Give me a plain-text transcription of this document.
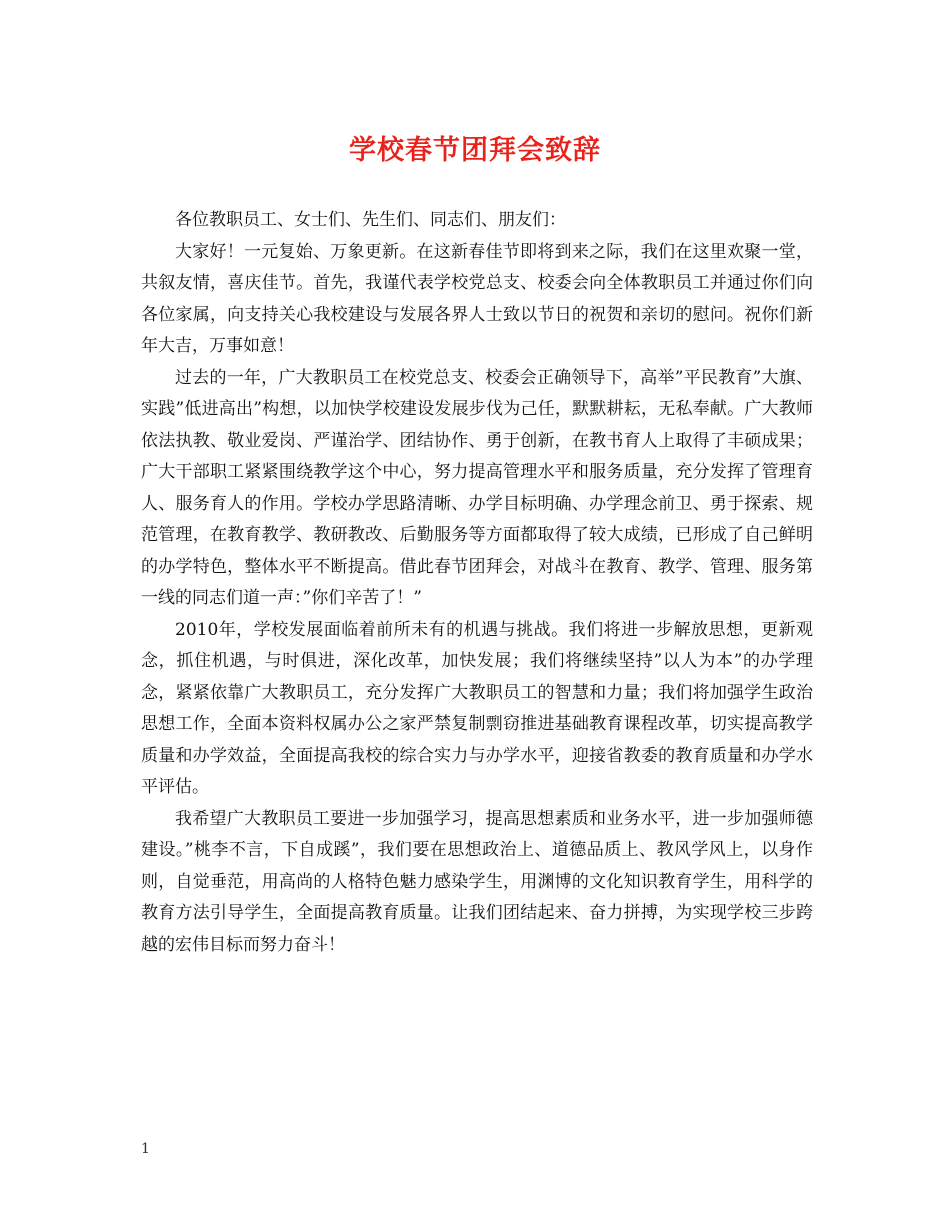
学校春节团拜会致辞

各位教职员工、女士们、先生们、同志们、朋友们：

大家好！一元复始、万象更新。在这新春佳节即将到来之际，我们在这里欢聚一堂，共叙友情，喜庆佳节。首先，我谨代表学校党总支、校委会向全体教职员工并通过你们向各位家属，向支持关心我校建设与发展各界人士致以节日的祝贺和亲切的慰问。祝你们新年大吉，万事如意！

过去的一年，广大教职员工在校党总支、校委会正确领导下，高举”平民教育”大旗、实践”低进高出”构想，以加快学校建设发展步伐为己任，默默耕耘，无私奉献。广大教师依法执教、敬业爱岗、严谨治学、团结协作、勇于创新，在教书育人上取得了丰硕成果；广大干部职工紧紧围绕教学这个中心，努力提高管理水平和服务质量，充分发挥了管理育人、服务育人的作用。学校办学思路清晰、办学目标明确、办学理念前卫、勇于探索、规范管理，在教育教学、教研教改、后勤服务等方面都取得了较大成绩，已形成了自己鲜明的办学特色，整体水平不断提高。借此春节团拜会，对战斗在教育、教学、管理、服务第一线的同志们道一声：”你们辛苦了！”

2010年，学校发展面临着前所未有的机遇与挑战。我们将进一步解放思想，更新观念，抓住机遇，与时俱进，深化改革，加快发展；我们将继续坚持”以人为本”的办学理念，紧紧依靠广大教职员工，充分发挥广大教职员工的智慧和力量；我们将加强学生政治思想工作，全面本资料权属办公之家严禁复制剽窃推进基础教育课程改革，切实提高教学质量和办学效益，全面提高我校的综合实力与办学水平，迎接省教委的教育质量和办学水平评估。

我希望广大教职员工要进一步加强学习，提高思想素质和业务水平，进一步加强师德建设。”桃李不言，下自成蹊”，我们要在思想政治上、道德品质上、教风学风上，以身作则，自觉垂范，用高尚的人格特色魅力感染学生，用渊博的文化知识教育学生，用科学的教育方法引导学生，全面提高教育质量。让我们团结起来、奋力拼搏，为实现学校三步跨越的宏伟目标而努力奋斗！

1
